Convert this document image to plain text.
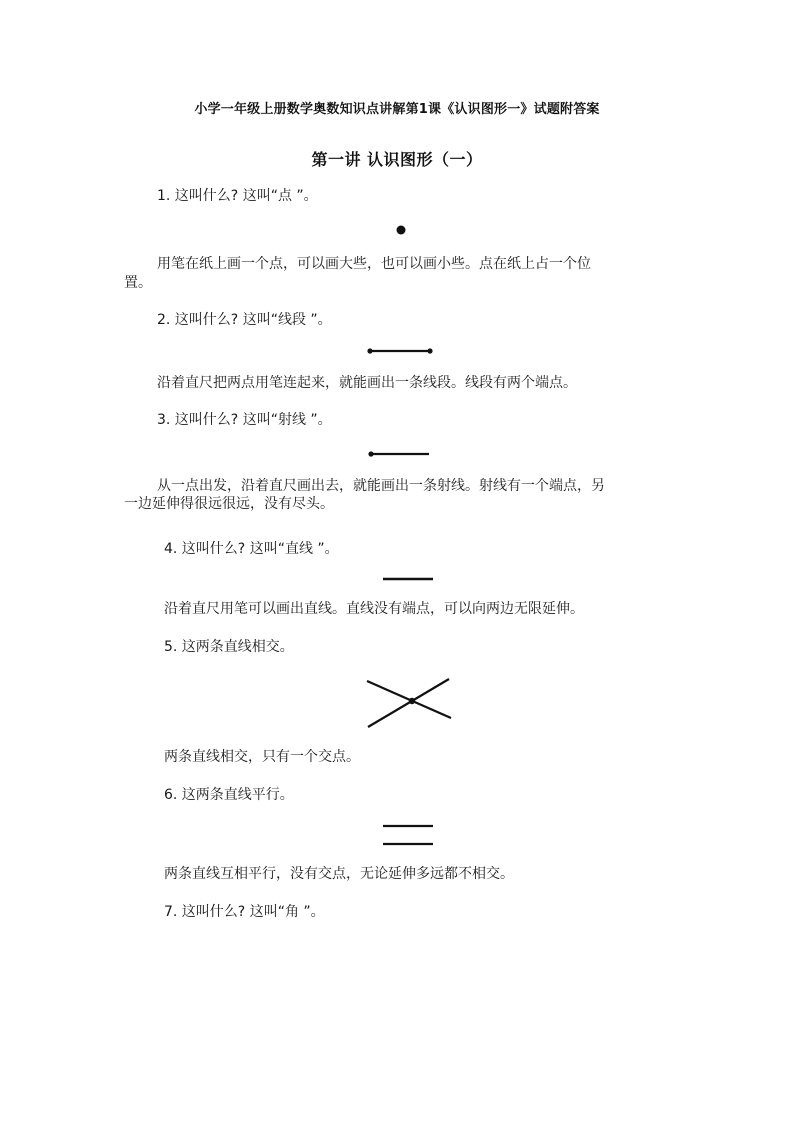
小学一年级上册数学奥数知识点讲解第1课《认识图形一》试题附答案
第一讲 认识图形（一）
1. 这叫什么? 这叫“点 ”。
用笔在纸上画一个点，可以画大些，也可以画小些。点在纸上占一个位
置。
2. 这叫什么? 这叫“线段 ”。
沿着直尺把两点用笔连起来，就能画出一条线段。线段有两个端点。
3. 这叫什么? 这叫“射线 ”。
从一点出发，沿着直尺画出去，就能画出一条射线。射线有一个端点，另
一边延伸得很远很远，没有尽头。
4. 这叫什么? 这叫“直线 ”。
沿着直尺用笔可以画出直线。直线没有端点，可以向两边无限延伸。
5. 这两条直线相交。
两条直线相交，只有一个交点。
6. 这两条直线平行。
两条直线互相平行，没有交点，无论延伸多远都不相交。
7. 这叫什么? 这叫“角 ”。
